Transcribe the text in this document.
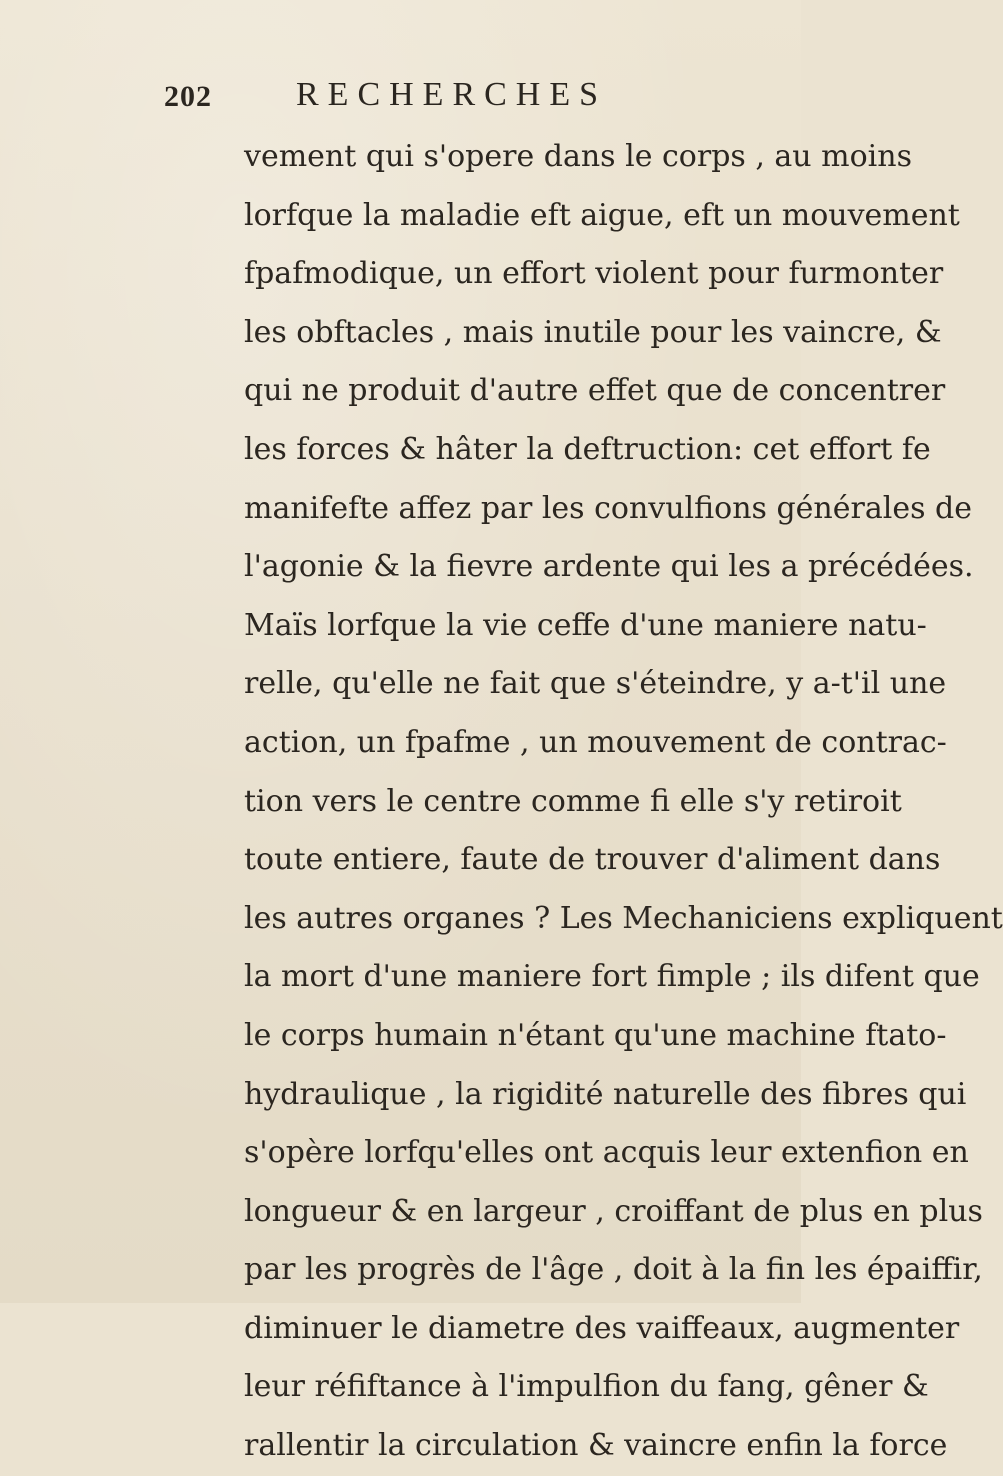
202 RECHERCHES
vement qui s'opere dans le corps , au moins
lorfque la maladie eft aigue, eft un mouvement
fpafmodique, un effort violent pour furmonter
les obftacles , mais inutile pour les vaincre, &
qui ne produit d'autre effet que de concentrer
les forces & hâter la deftruction: cet effort fe
manifefte affez par les convulfions générales de
l'agonie & la fievre ardente qui les a précédées.
Maïs lorfque la vie ceffe d'une maniere natu-
relle, qu'elle ne fait que s'éteindre, y a-t'il une
action, un fpafme , un mouvement de contrac-
tion vers le centre comme fi elle s'y retiroit
toute entiere, faute de trouver d'aliment dans
les autres organes ? Les Mechaniciens expliquent
la mort d'une maniere fort fimple ; ils difent que
le corps humain n'étant qu'une machine ftato-
hydraulique , la rigidité naturelle des fibres qui
s'opère lorfqu'elles ont acquis leur extenfion en
longueur & en largeur , croiffant de plus en plus
par les progrès de l'âge , doit à la fin les épaiffir,
diminuer le diametre des vaiffeaux, augmenter
leur réfiftance à l'impulfion du fang, gêner &
rallentir la circulation & vaincre enfin la force
